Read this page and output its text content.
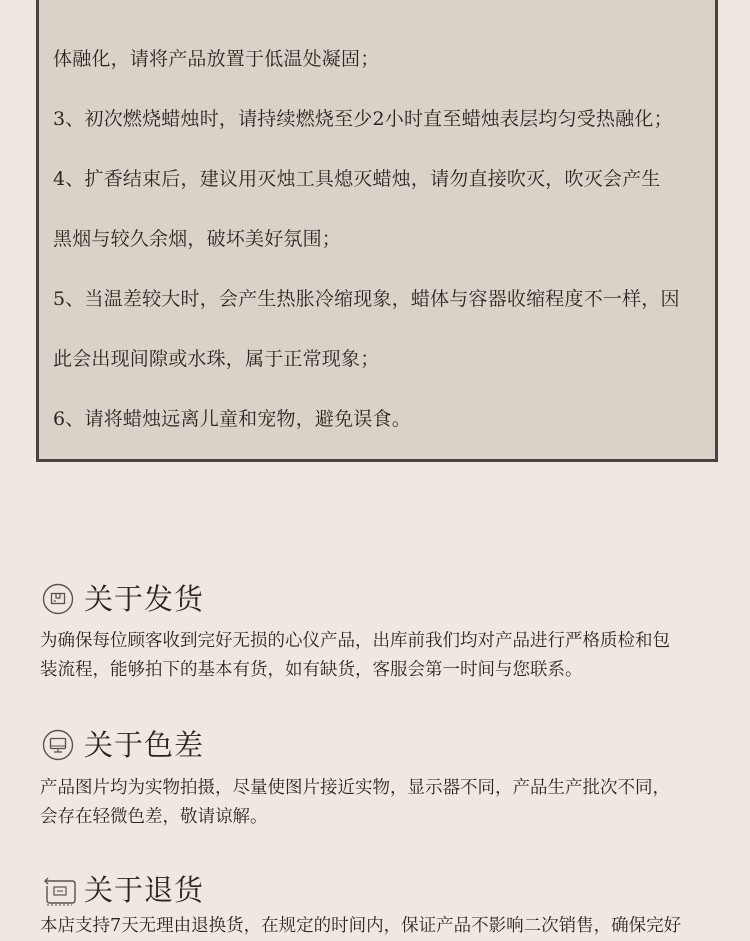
体融化，请将产品放置于低温处凝固；
3、初次燃烧蜡烛时，请持续燃烧至少2小时直至蜡烛表层均匀受热融化；
4、扩香结束后，建议用灭烛工具熄灭蜡烛，请勿直接吹灭，吹灭会产生
黑烟与较久余烟，破坏美好氛围；
5、当温差较大时，会产生热胀冷缩现象，蜡体与容器收缩程度不一样，因
此会出现间隙或水珠，属于正常现象；
6、请将蜡烛远离儿童和宠物，避免误食。
关于发货

为确保每位顾客收到完好无损的心仪产品，出库前我们均对产品进行严格质检和包

装流程，能够拍下的基本有货，如有缺货，客服会第一时间与您联系。

关于色差

产品图片均为实物拍摄，尽量使图片接近实物，显示器不同，产品生产批次不同，

会存在轻微色差，敬请谅解。

关于退货

本店支持7天无理由退换货，在规定的时间内，保证产品不影响二次销售，确保完好
